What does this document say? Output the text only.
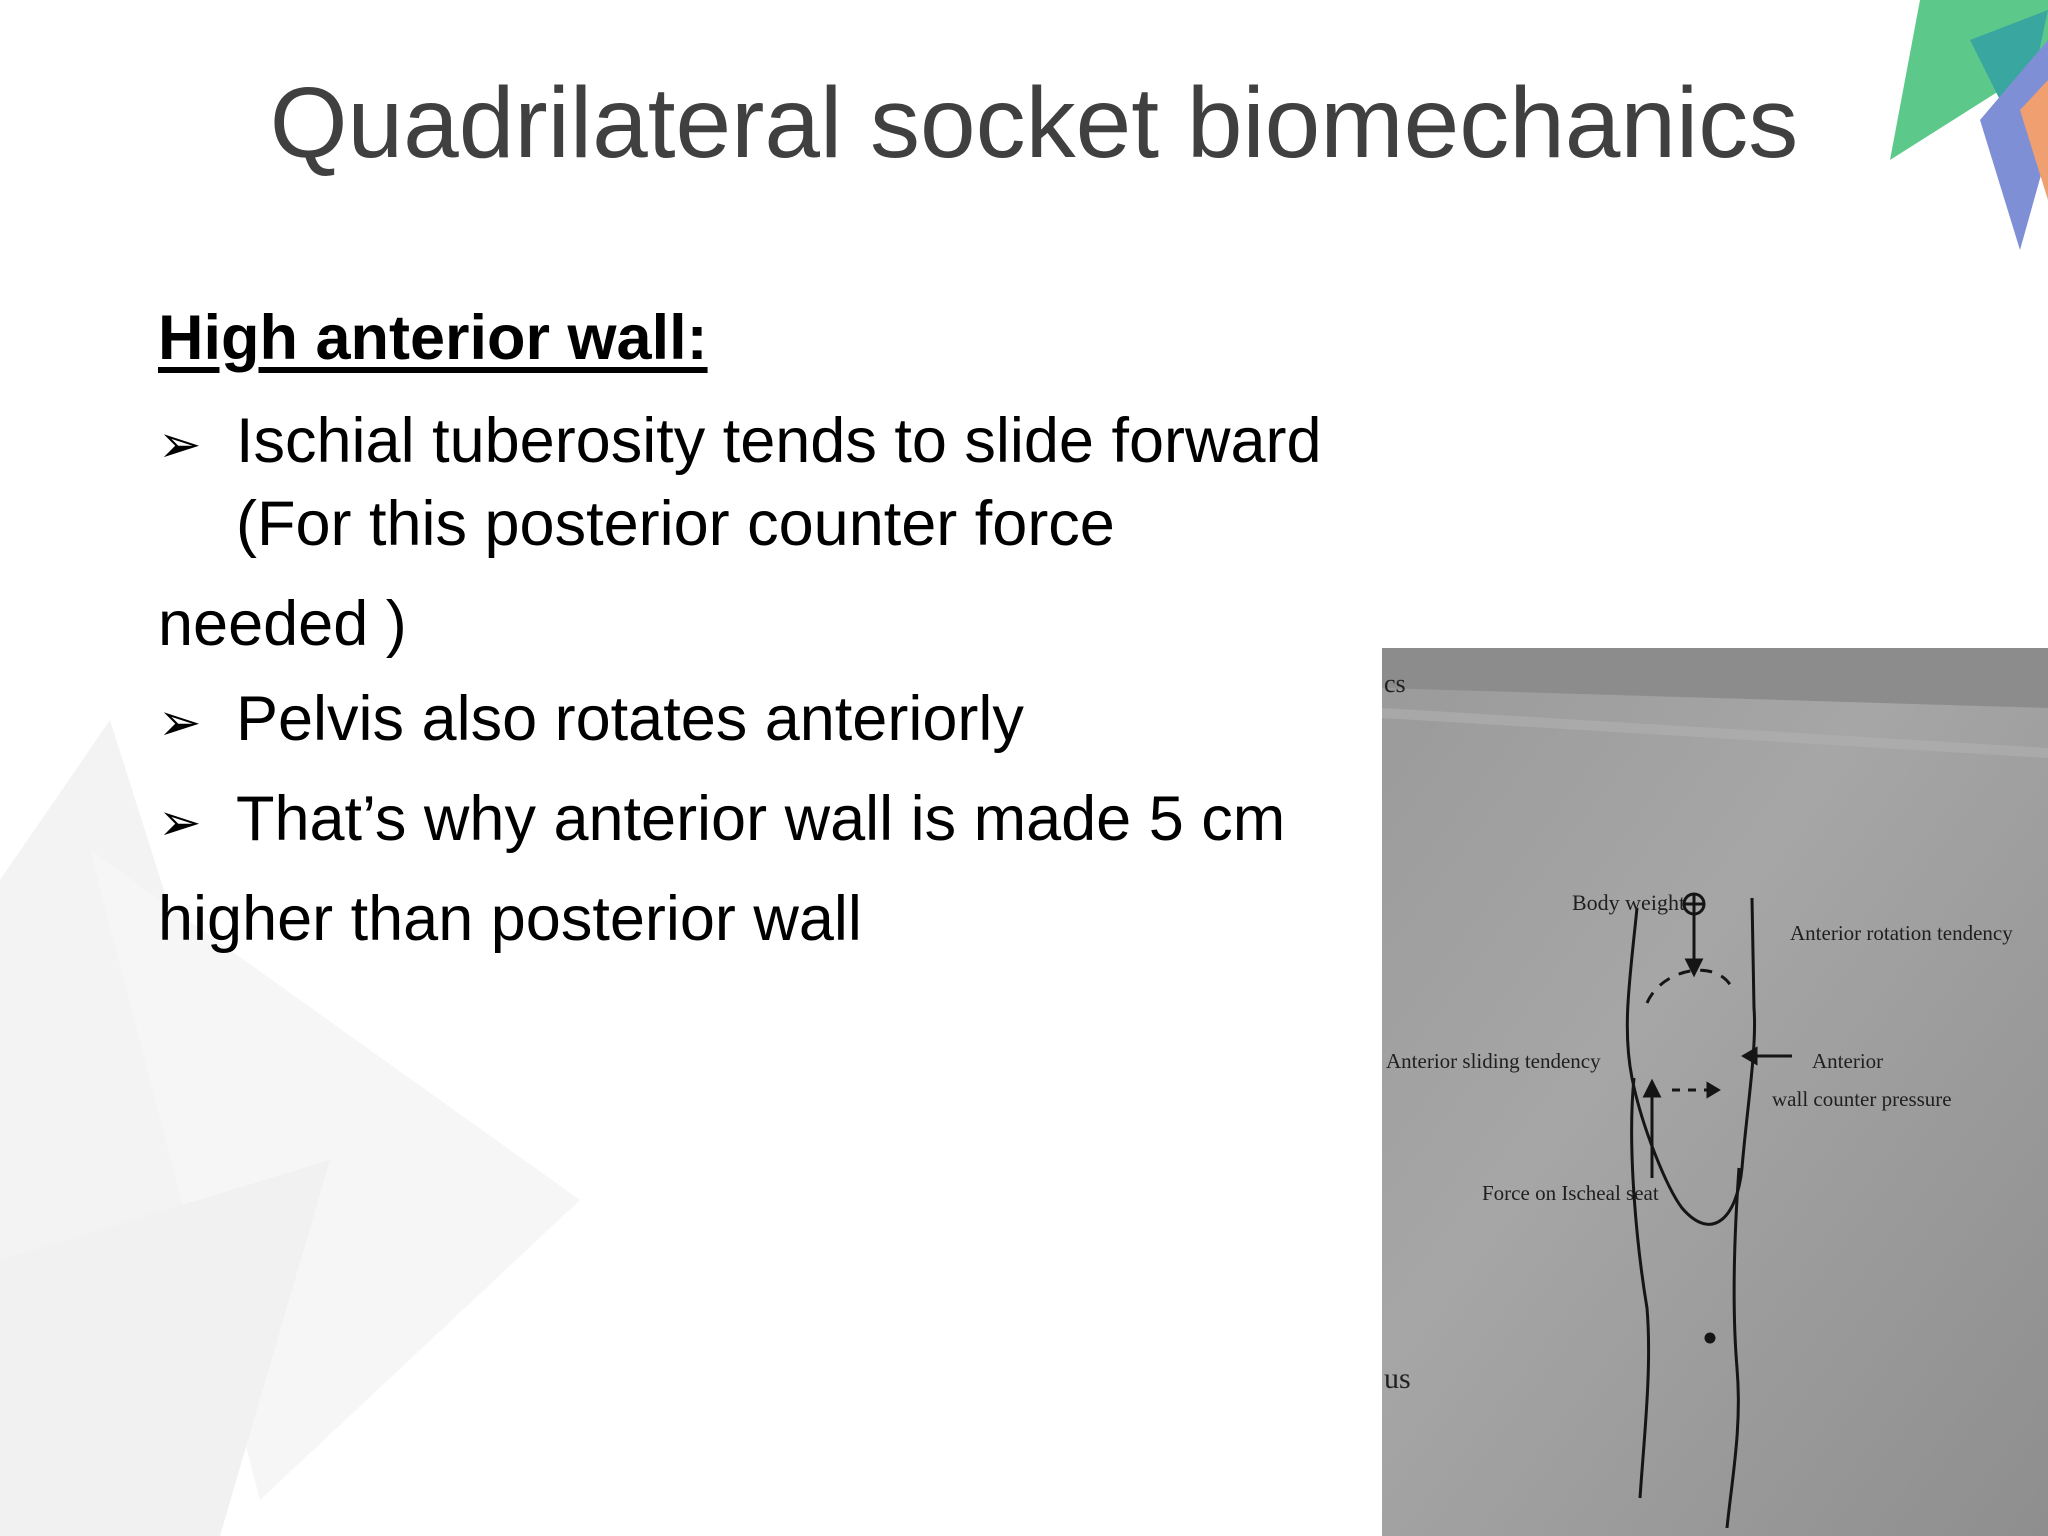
Quadrilateral socket biomechanics
High anterior wall:
➢ Ischial tuberosity tends to slide forward
(For this posterior counter force
needed )
➢ Pelvis also rotates anteriorly
➢ That’s why anterior wall is made 5 cm
higher than posterior wall	Body weight
Anterior rotation tendency
Anterior sliding tendency	Anterior
wall counter pressure
Force on Ischeal seat
cs
us
